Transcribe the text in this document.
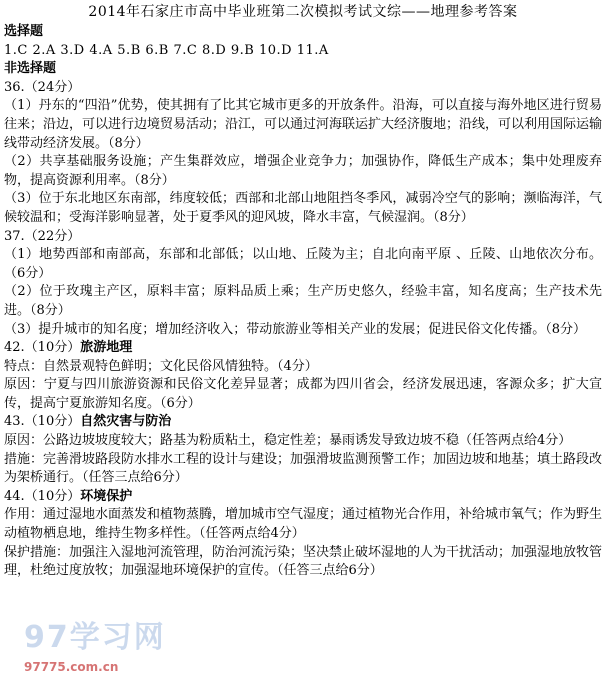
2014年石家庄市高中毕业班第二次模拟考试文综——地理参考答案

选择题

1.C 2.A 3.D 4.A 5.B 6.B 7.C 8.D 9.B 10.D 11.A

非选择题

36.（24分）

（1）丹东的“四沿”优势，使其拥有了比其它城市更多的开放条件。沿海，可以直接与海外地区进行贸易往来；沿边，可以进行边境贸易活动；沿江，可以通过河海联运扩大经济腹地；沿线，可以利用国际运输线带动经济发展。（8分）

（2）共享基础服务设施；产生集群效应，增强企业竞争力；加强协作，降低生产成本；集中处理废弃物，提高资源利用率。（8分）

（3）位于东北地区东南部，纬度较低；西部和北部山地阻挡冬季风，减弱冷空气的影响；濒临海洋，气候较温和；受海洋影响显著，处于夏季风的迎风坡，降水丰富，气候湿润。（8分）

37.（22分）

（1）地势西部和南部高，东部和北部低；以山地、丘陵为主；自北向南平原 、丘陵、山地依次分布。（6分）

（2）位于玫瑰主产区，原料丰富；原料品质上乘；生产历史悠久，经验丰富，知名度高；生产技术先进。（8分）

（3）提升城市的知名度；增加经济收入；带动旅游业等相关产业的发展；促进民俗文化传播。（8分）

42.（10分）旅游地理

特点：自然景观特色鲜明；文化民俗风情独特。（4分）

原因：宁夏与四川旅游资源和民俗文化差异显著；成都为四川省会，经济发展迅速，客源众多；扩大宣传，提高宁夏旅游知名度。（6分）

43.（10分）自然灾害与防治

原因：公路边坡坡度较大；路基为粉质粘土，稳定性差；暴雨诱发导致边坡不稳（任答两点给4分）

措施：完善滑坡路段防水排水工程的设计与建设；加强滑坡监测预警工作；加固边坡和地基；填土路段改为架桥通行。（任答三点给6分）

44.（10分）环境保护

作用：通过湿地水面蒸发和植物蒸腾，增加城市空气湿度；通过植物光合作用，补给城市氧气；作为野生动植物栖息地，维持生物多样性。（任答两点给4分）

保护措施：加强注入湿地河流管理，防治河流污染；坚决禁止破坏湿地的人为干扰活动；加强湿地放牧管理，杜绝过度放牧；加强湿地环境保护的宣传。（任答三点给6分）

97学习网
97775.com.cn
